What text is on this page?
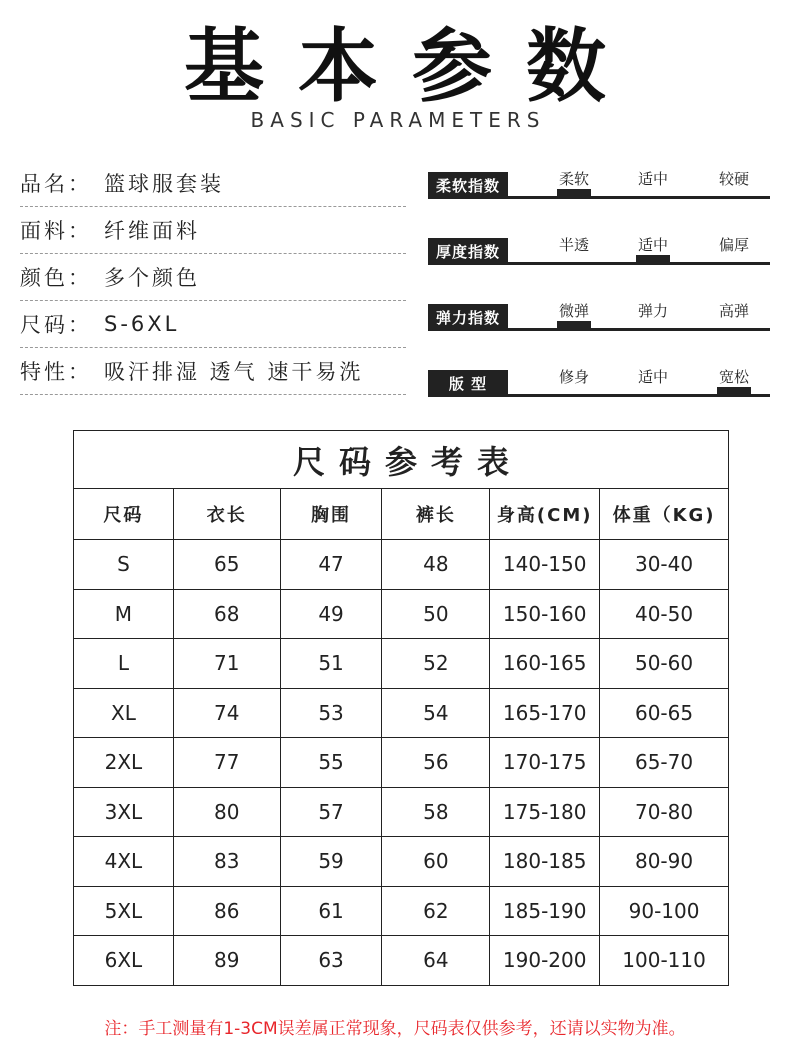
基本参数
BASIC PARAMETERS
品名： 篮球服套装
面料： 纤维面料
颜色： 多个颜色
尺码： S-6XL
特性： 吸汗排湿 透气 速干易洗
柔软指数	柔软	适中	较硬
厚度指数	半透	适中	偏厚
弹力指数	微弹	弹力	高弹
版 型	修身	适中	宽松
尺码参考表					
尺码	衣长	胸围	裤长	身高(CM)	体重（KG)
S	65	47	48	140-150	30-40
M	68	49	50	150-160	40-50
L	71	51	52	160-165	50-60
XL	74	53	54	165-170	60-65
2XL	77	55	56	170-175	65-70
3XL	80	57	58	175-180	70-80
4XL	83	59	60	180-185	80-90
5XL	86	61	62	185-190	90-100
6XL	89	63	64	190-200	100-110
注：手工测量有1-3CM误差属正常现象，尺码表仅供参考，还请以实物为准。
